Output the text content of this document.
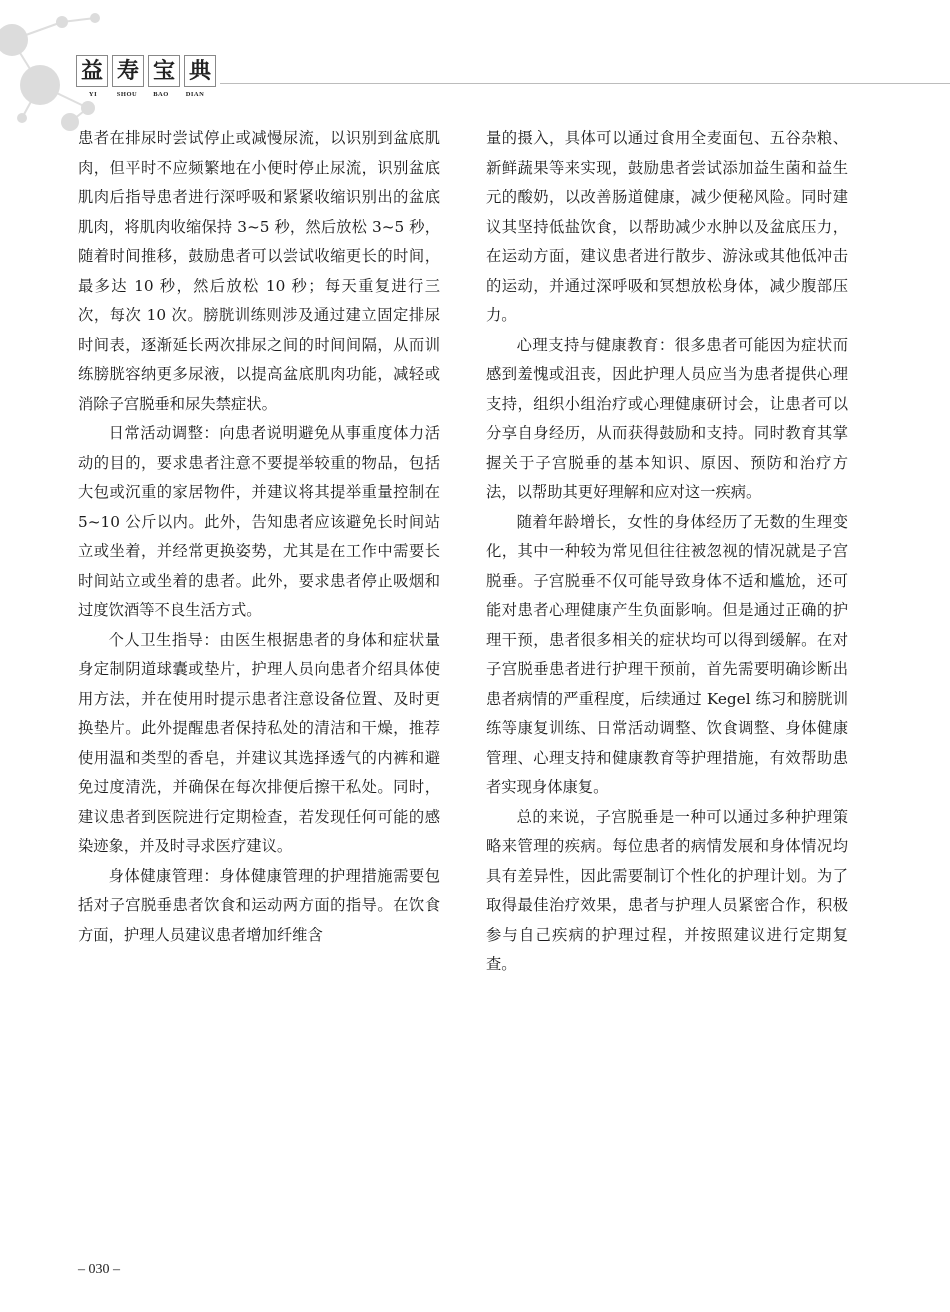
益 寿 宝 典
YI	SHOU	BAO	DIAN

患者在排尿时尝试停止或减慢尿流，以识别到盆底肌肉，但平时不应频繁地在小便时停止尿流，识别盆底肌肉后指导患者进行深呼吸和紧紧收缩识别出的盆底肌肉，将肌肉收缩保持 3~5 秒，然后放松 3~5 秒，随着时间推移，鼓励患者可以尝试收缩更长的时间，最多达 10 秒，然后放松 10 秒；每天重复进行三次，每次 10 次。膀胱训练则涉及通过建立固定排尿时间表，逐渐延长两次排尿之间的时间间隔，从而训练膀胱容纳更多尿液，以提高盆底肌肉功能，减轻或消除子宫脱垂和尿失禁症状。

日常活动调整：向患者说明避免从事重度体力活动的目的，要求患者注意不要提举较重的物品，包括大包或沉重的家居物件，并建议将其提举重量控制在 5~10 公斤以内。此外，告知患者应该避免长时间站立或坐着，并经常更换姿势，尤其是在工作中需要长时间站立或坐着的患者。此外，要求患者停止吸烟和过度饮酒等不良生活方式。

个人卫生指导：由医生根据患者的身体和症状量身定制阴道球囊或垫片，护理人员向患者介绍具体使用方法，并在使用时提示患者注意设备位置、及时更换垫片。此外提醒患者保持私处的清洁和干燥，推荐使用温和类型的香皂，并建议其选择透气的内裤和避免过度清洗，并确保在每次排便后擦干私处。同时，建议患者到医院进行定期检查，若发现任何可能的感染迹象，并及时寻求医疗建议。

身体健康管理：身体健康管理的护理措施需要包括对子宫脱垂患者饮食和运动两方面的指导。在饮食方面，护理人员建议患者增加纤维含

量的摄入，具体可以通过食用全麦面包、五谷杂粮、新鲜蔬果等来实现，鼓励患者尝试添加益生菌和益生元的酸奶，以改善肠道健康，减少便秘风险。同时建议其坚持低盐饮食，以帮助减少水肿以及盆底压力，在运动方面，建议患者进行散步、游泳或其他低冲击的运动，并通过深呼吸和冥想放松身体，减少腹部压力。

心理支持与健康教育：很多患者可能因为症状而感到羞愧或沮丧，因此护理人员应当为患者提供心理支持，组织小组治疗或心理健康研讨会，让患者可以分享自身经历，从而获得鼓励和支持。同时教育其掌握关于子宫脱垂的基本知识、原因、预防和治疗方法，以帮助其更好理解和应对这一疾病。

随着年龄增长，女性的身体经历了无数的生理变化，其中一种较为常见但往往被忽视的情况就是子宫脱垂。子宫脱垂不仅可能导致身体不适和尴尬，还可能对患者心理健康产生负面影响。但是通过正确的护理干预，患者很多相关的症状均可以得到缓解。在对子宫脱垂患者进行护理干预前，首先需要明确诊断出患者病情的严重程度，后续通过 Kegel 练习和膀胱训练等康复训练、日常活动调整、饮食调整、身体健康管理、心理支持和健康教育等护理措施，有效帮助患者实现身体康复。

总的来说，子宫脱垂是一种可以通过多种护理策略来管理的疾病。每位患者的病情发展和身体情况均具有差异性，因此需要制订个性化的护理计划。为了取得最佳治疗效果，患者与护理人员紧密合作，积极参与自己疾病的护理过程，并按照建议进行定期复查。

– 030 –
